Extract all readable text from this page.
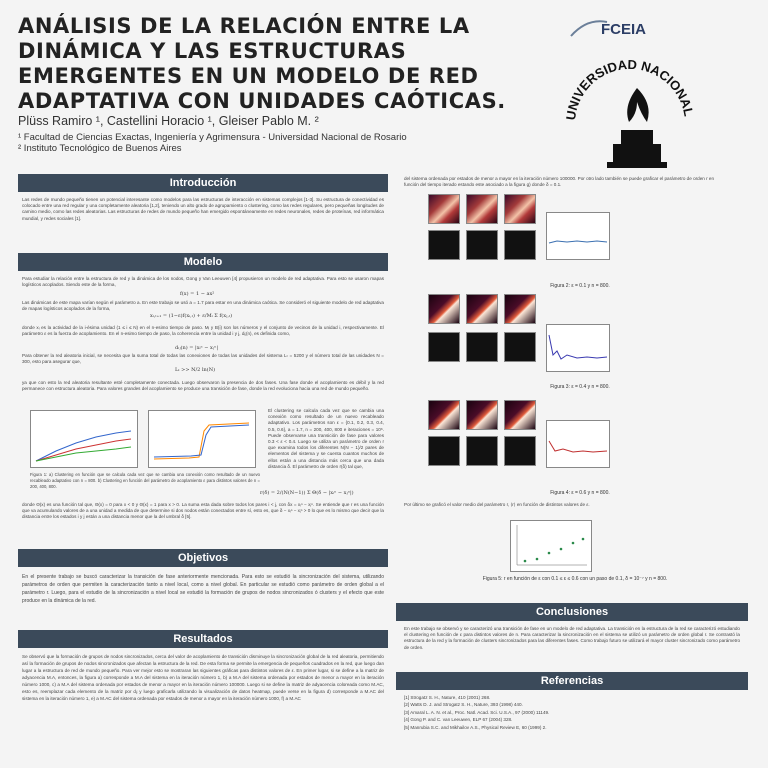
ANÁLISIS DE LA RELACIÓN ENTRE LA DINÁMICA Y LAS ESTRUCTURAS EMERGENTES EN UN MODELO DE RED ADAPTATIVA CON UNIDADES CAÓTICAS.
Plüss Ramiro ¹, Castellini Horacio ¹, Gleiser Pablo M. ²
¹ Facultad de Ciencias Exactas, Ingeniería y Agrimensura - Universidad Nacional de Rosario
² Instituto Tecnológico de Buenos Aires
FCEIA
UNIVERSIDAD NACIONAL
Introducción
Las redes de mundo pequeño tienen un potencial interesante como modelos para las estructuras de interacción en sistemas complejos [1-3]. Su estructura de conectividad es colocado entre una red regular y una completamente aleatoria [1,2], teniendo un alto grado de agrupamiento o clustering, como las redes regulares, pero pequeñas longitudes de camino medio, como las redes aleatorias. Las estructuras de redes de mundo pequeño han emergido espontáneamente en redes neuronales, redes de proteínas, red informática mundial, y redes sociales [1].
Modelo
Para estudiar la relación entre la estructura de red y la dinámica de los nodos, Gong y Van Leeuwen [4] propusieron un modelo de red adaptativa. Para esto se usaron mapas logísticos acoplados. Siendo este de la forma,
f(x) = 1 − ax²
Las dinámicas de este mapa varían según el parámetro a. En este trabajo se usó a = 1.7 para estar en una dinámica caótica. Se consideró el siguiente modelo de red adaptativa de mapas logísticos acoplados de la forma,
xᵢ,ₜ₊₁ = (1−ε)f(xᵢ,ₜ) + ε/Mᵢ Σ f(xⱼ,ₜ)
donde xᵢ es la actividad de la i-ésima unidad (1 ≤ i ≤ N) en el n-esimo tiempo de paso. Mᵢ y B(i) son los números y el conjunto de vecinos de la unidad i, respectivamente. El parámetro ε es la fuerza de acoplamiento. En el n-esimo tiempo de paso, la coherencia entre la unidad i y j, dᵢⱼ(n), es definida como,
dᵢⱼ(n) = |xᵢⁿ − xⱼⁿ|
Para obtener la red aleatoria inicial, se necesita que la suma total de todas las conexiones de todas las unidades del sistema Lₜ = 5200 y el número total de las unidades N = 300, esto para asegurar que,
Lₜ >> N/2 ln(N)
ya que con esto la red aleatoria resultante esté completamente conectada. Luego observaron la presencia de dos fases. Una fase donde el acoplamiento es débil y la red permanece con estructura aleatoria. Para valores grandes del acoplamiento se produce una transición de fase, donde la red evoluciona hacia una red de mundo pequeño.
Figura 1: a) Clustering en función que se calcula cada vez que se cambia una conexión como resultado de un nuevo recableado adaptativo con n = 800. b) Clustering en función del parámetro de acoplamiento ε para distintos valores de n = 200, 400, 800.
El clustering se calcula cada vez que se cambia una conexión como resultado de un nuevo recableado adaptativo. Los parámetros son ε = {0.1, 0.2, 0.3, 0.4, 0.5, 0.6}, a = 1.7, n = 200, 400, 800 e iteraciones = 10⁶. Puede observarse una transición de fase para valores 0.3 < ε < 0.4. Luego se utiliza un parámetro de orden r que examina todos los diferentes N(N − 1)/2 pares de elementos del sistema y se cuenta cuantos muchos de ellos están a una distancia más cerca que una dada distancia δ. El parámetro de orden r(δ) tal que,
r(δ) = 2/(N(N−1)) Σ Θ(δ − |xᵢⁿ − xⱼⁿ|)
donde Θ(x) es una función tal que, Θ(x) = 0 para x < 0 y Θ(x) = 1 para x > 0. La suma esta dada sobre todos los pares i < j, con δx = xᵢⁿ − xⱼⁿ. Se entiende que r es una función que va acumulando valores de a una unidad a medida de que determine si dos nodos están conectados entre sí, esto es, que δ − xᵢⁿ − xⱼⁿ > 0 lo que es lo mismo que decir que la distancia entre los estados i y j están a una distancia menor que la del umbral δ [5].
Objetivos
En el presente trabajo se buscó caracterizar la transición de fase anteriormente mencionada. Para esto se estudió la sincronización del sistema, utilizando parámetros de orden que permiten la caracterización tanto a nivel local, como a nivel global. En particular se estudió como parámetro de orden global a el parámetro r. Luego, para el estudio de la sincronización a nivel local se estudió la formación de grupos de nodos sincronizados ó clusters y el efecto que este produce en la dinámica de la red.
Resultados
Se observó que la formación de grupos de nodos sincronizados, cerca del valor de acoplamiento de transición disminuye la sincronización global de la red aleatoria, permitiendo así la formación de grupos de nodos sincronizados que afectan la estructura de la red. De esta forma se permite la emergencia de pequeños cuadrados en la red, que luego dan lugar a la estructura de red de mundo pequeño. Para ver mejor esto se mostraran las siguientes gráficas para distintos valores de ε. En primer lugar, si se define a la matriz de adyacencia M.A, entonces, la figura a) corresponde a M.A del sistema en la iteración número 1, b) a M.A del sistema ordenada por estados de menor a mayor en la iteración número 1000, c) a M.A del sistema ordenada por estados de menor a mayor en la iteración número 100000. Luego si se define la matriz de adyacencia coloreada como M.AC, esto es, reemplazar cada elemento de la matriz por dᵢⱼ y luego graficarla utilizando la visualización de datos heatmap, puede verse en la figura d) corresponde a M.AC del sistema en la iteración número 1, e) a M.AC del sistema ordenada por estados de menor a mayor en la iteración número 1000, f) a M.AC
del sistema ordenada por estados de menor a mayor en la iteración número 100000. Por otro lado también se puede graficar el parámetro de orden r en función del tiempo iterado estando este asociado a la figura g) donde δ = 0.1.
Figura 2: ε = 0.1 y n = 800.
Figura 3: ε = 0.4 y n = 800.
Figura 4: ε = 0.6 y n = 800.
Por último se graficó el valor medio del parámetro r, ⟨r⟩ en función de distintos valores de ε.
Figura 5: r en función de ε con 0.1 ≤ ε ≤ 0.6 con un paso de 0.1, δ = 10⁻⁷ y n = 800.
Conclusiones
En este trabajo se observó y se caracterizó una transición de fase en un modelo de red adaptativa. La transición en la estructura de la red se caracterizó estudiando el clustering en función de ε para distintos valores de n. Para caracterizar la sincronización en el sistema se utilizó un parámetro de orden global r. Se contrastó la estructura de la red y la formación de clusters sincronizados para las diferentes fases. Como trabajo futuro se utilizará el mayor cluster sincronizado como parámetro de orden.
Referencias
[1] Strogatz S. H., Nature, 410 (2001) 268.
[2] Watts D. J. and Strogatz S. H., Nature, 393 (1998) 440.
[3] Amaral L. A. N. et al., Proc. Natl. Acad. Sci. U.S.A., 97 (2000) 11149.
[4] Gong P. and C. van Leeuwen, ELP 67 (2004) 328.
[5] Manrubia S.C. and Mikhailov A.S., Physical Review E, 60 (1999) 2.
